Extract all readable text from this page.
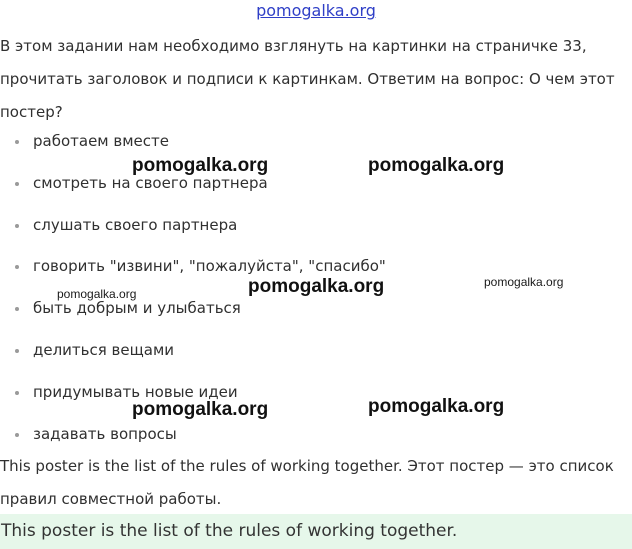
pomogalka.org
В этом задании нам необходимо взглянуть на картинки на страничке 33, прочитать заголовок и подписи к картинкам. Ответим на вопрос: О чем этот постер?
работаем вместе
смотреть на своего партнера
слушать своего партнера
говорить "извини", "пожалуйста", "спасибо"
быть добрым и улыбаться
делиться вещами
придумывать новые идеи
задавать вопросы
This poster is the list of the rules of working together. Этот постер — это список правил совместной работы.
This poster is the list of the rules of working together.
pomogalka.org	pomogalka.org
pomogalka.org	pomogalka.org	pomogalka.org
pomogalka.org	pomogalka.org
